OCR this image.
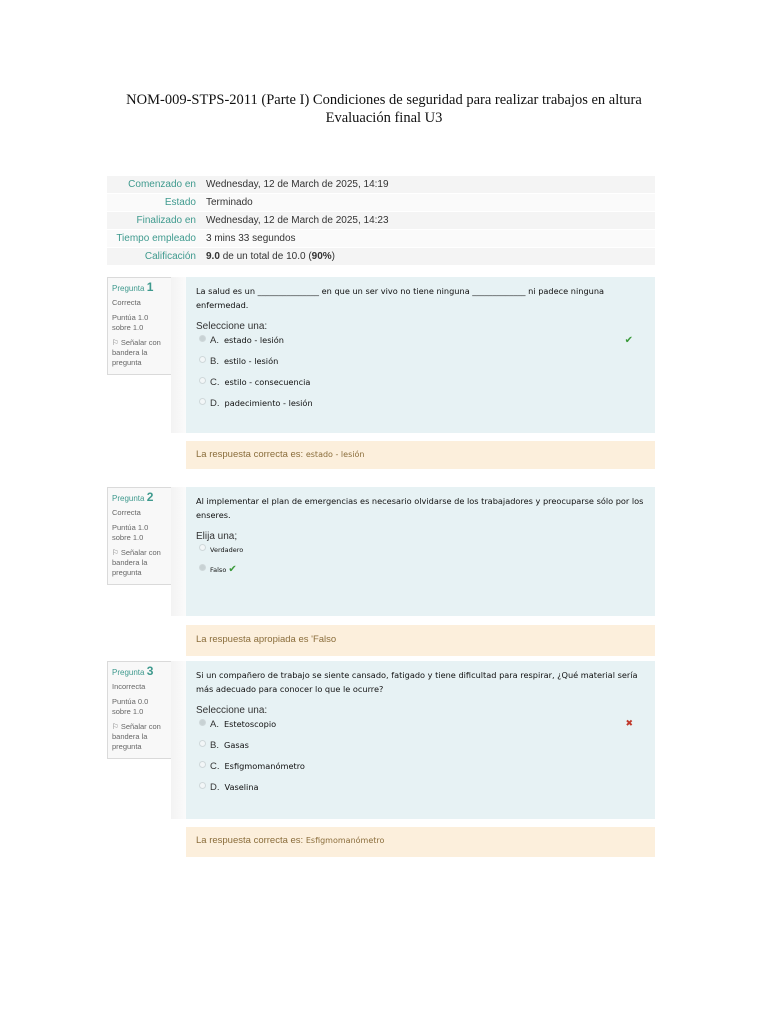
NOM-009-STPS-2011 (Parte I) Condiciones de seguridad para realizar trabajos en altura
Evaluación final U3
Comenzado en	Wednesday, 12 de March de 2025, 14:19
Estado	Terminado
Finalizado en	Wednesday, 12 de March de 2025, 14:23
Tiempo empleado	3 mins 33 segundos
Calificación	9.0 de un total de 10.0 (90%)
Pregunta 1
Correcta
Puntúa 1.0 sobre 1.0
⚐ Señalar con bandera la pregunta
La salud es un _______________ en que un ser vivo no tiene ninguna _____________ ni padece ninguna enfermedad.
Seleccione una:
A. estado - lesión	✔
B. estilo - lesión
C. estilo - consecuencia
D. padecimiento - lesión
La respuesta correcta es: estado - lesión
Pregunta 2
Correcta
Puntúa 1.0 sobre 1.0
⚐ Señalar con bandera la pregunta
Al implementar el plan de emergencias es necesario olvidarse de los trabajadores y preocuparse sólo por los enseres.
Elija una;
Verdadero
Falso ✔
La respuesta apropiada es 'Falso
Pregunta 3
Incorrecta
Puntúa 0.0 sobre 1.0
⚐ Señalar con bandera la pregunta
Si un compañero de trabajo se siente cansado, fatigado y tiene dificultad para respirar, ¿Qué material sería más adecuado para conocer lo que le ocurre?
Seleccione una:
A. Estetoscopio	✖
B. Gasas
C. Esfigmomanómetro
D. Vaselina
La respuesta correcta es: Esfigmomanómetro
